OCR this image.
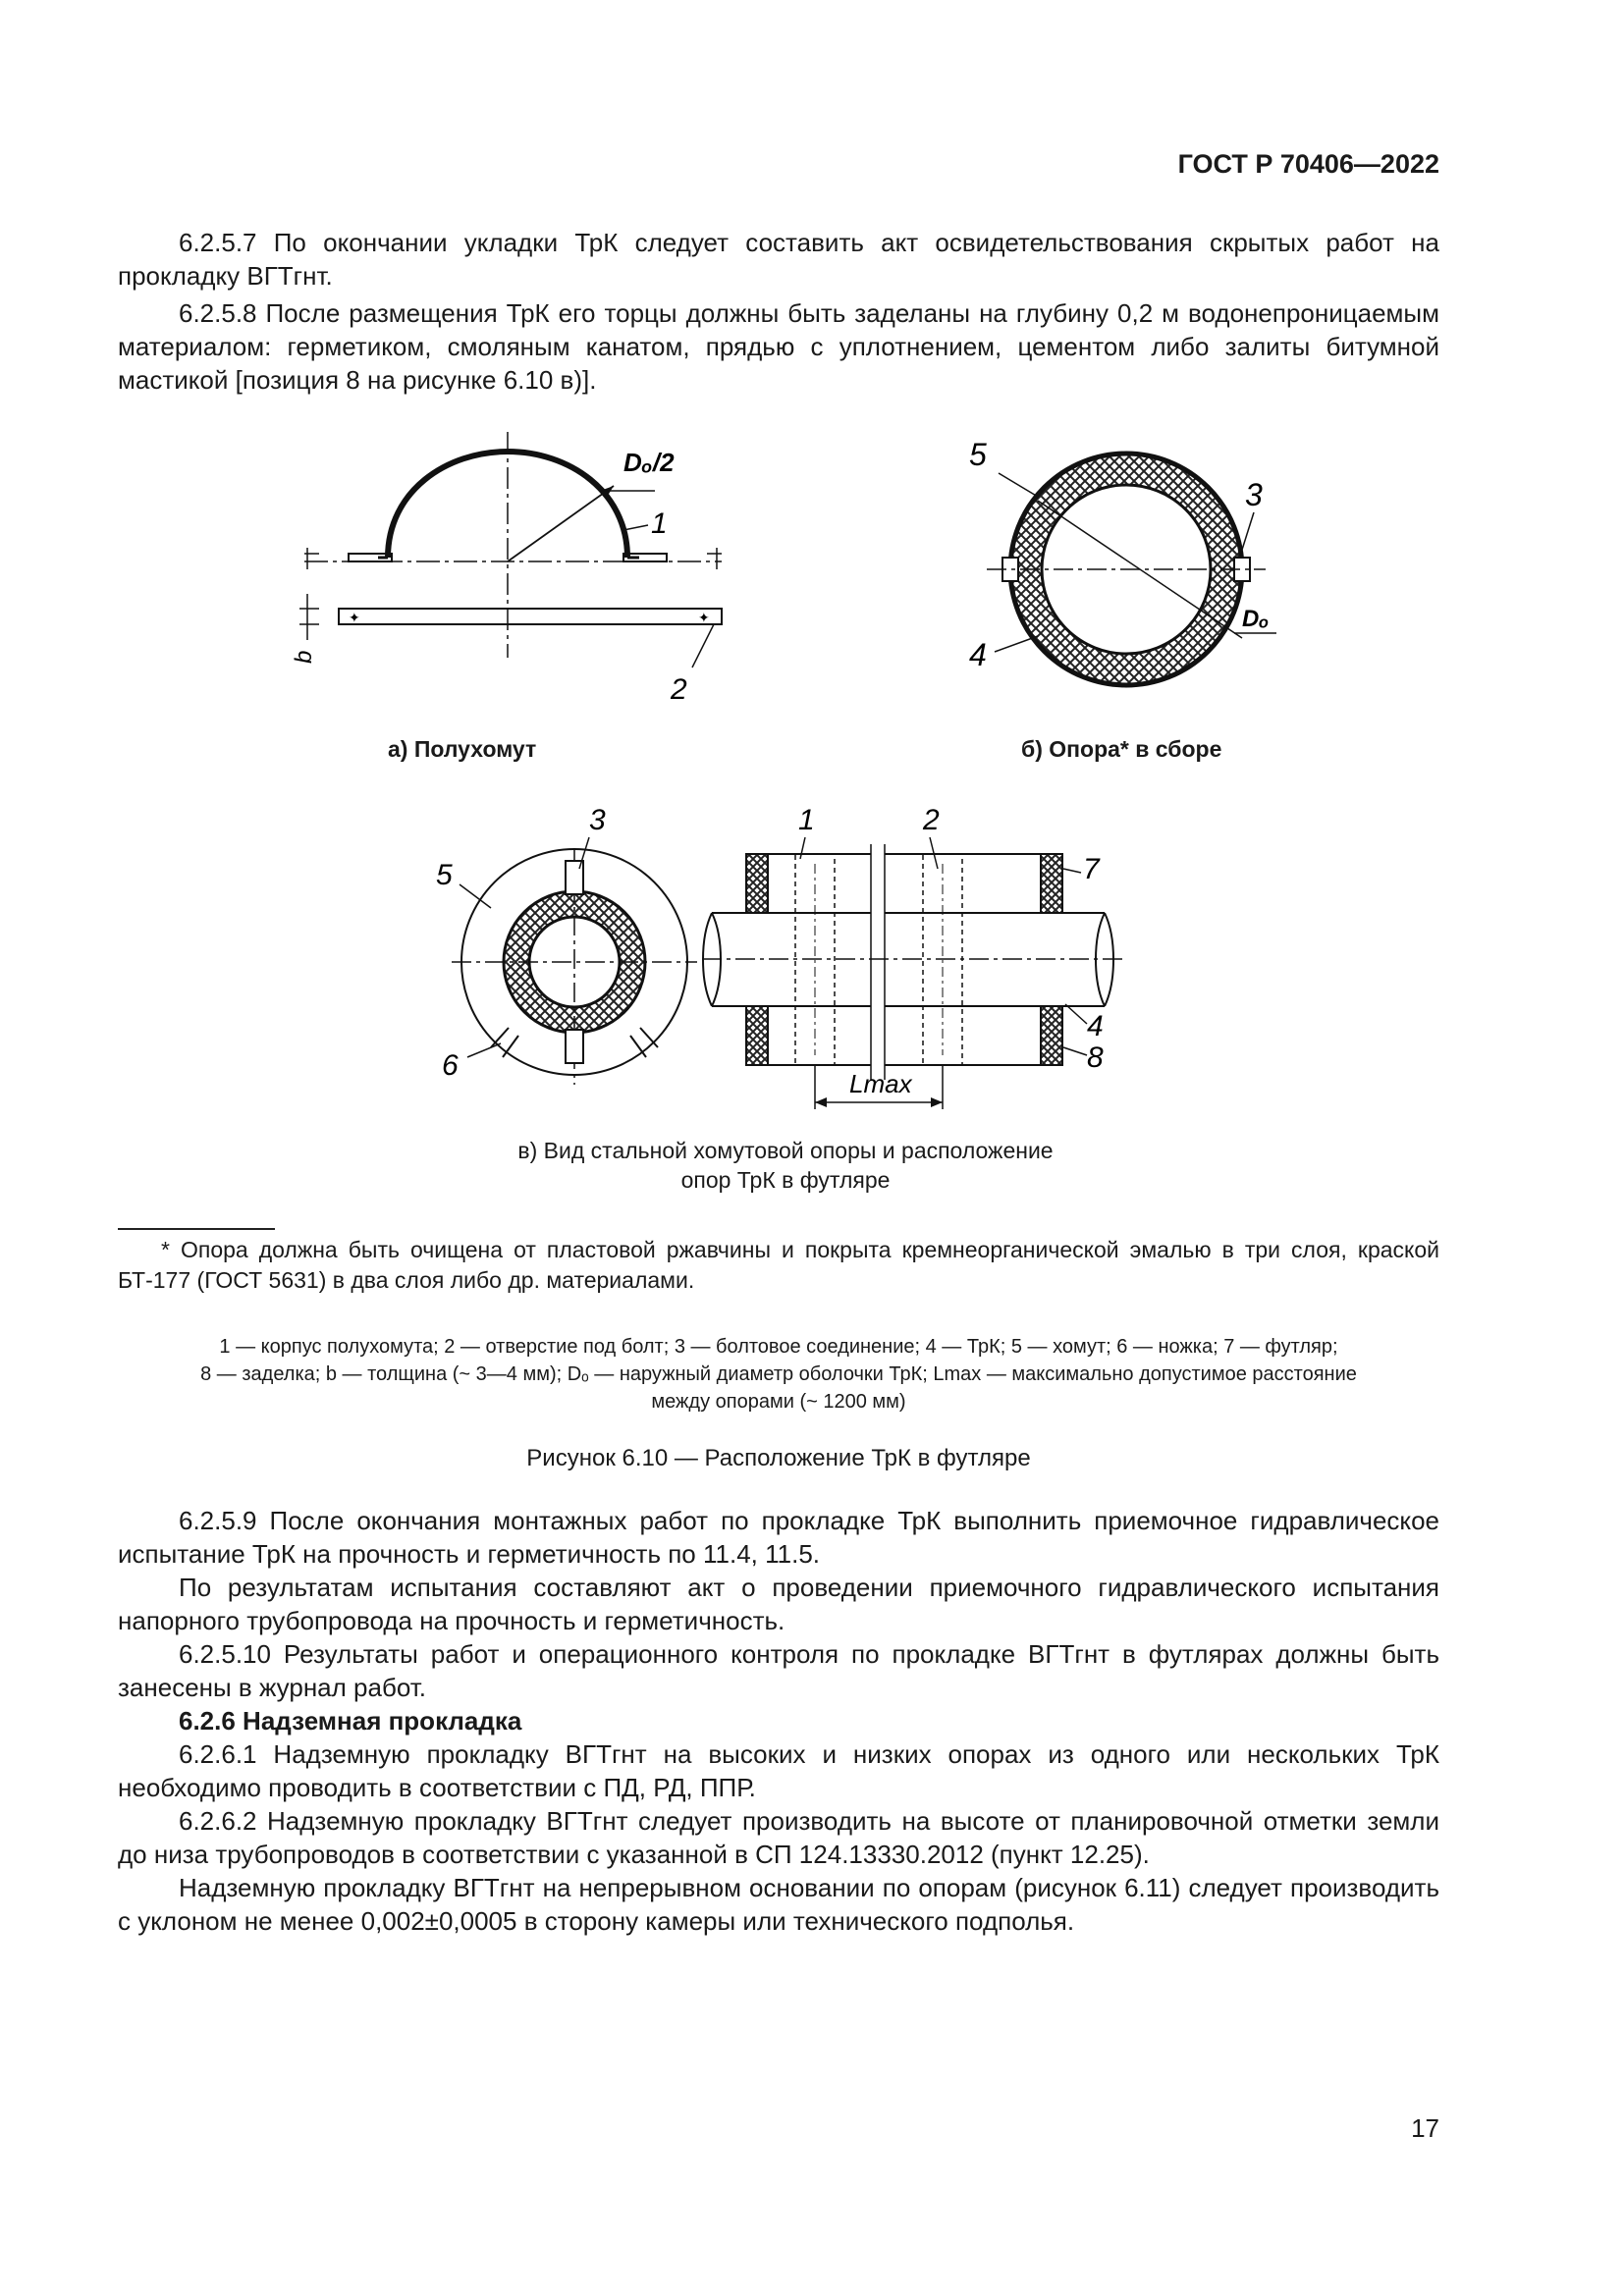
ГОСТ Р 70406—2022
6.2.5.7 По окончании укладки ТрК следует составить акт освидетельствования скрытых работ на прокладку ВГТгнт.
6.2.5.8 После размещения ТрК его торцы должны быть заделаны на глубину 0,2 м водонепроницаемым материалом: герметиком, смоляным канатом, прядью с уплотнением, цементом либо залиты битумной мастикой [позиция 8 на рисунке 6.10 в)].
Dₒ/2
1
✦	✦
b
2
Dₒ
5
3
4
а) Полухомут	б) Опора* в сборе
3
5
6
Lmax
1	2
7
4
8
в) Вид стальной хомутовой опоры и расположение
опор ТрК в футляре
* Опора должна быть очищена от пластовой ржавчины и покрыта кремнеорганической эмалью в три слоя, краской БТ-177 (ГОСТ 5631) в два слоя либо др. материалами.
1 — корпус полухомута; 2 — отверстие под болт; 3 — болтовое соединение; 4 — ТрК; 5 — хомут; 6 — ножка; 7 — футляр;
8 — заделка; b — толщина (~ 3—4 мм); Dₒ — наружный диаметр оболочки ТрК; Lmax — максимально допустимое расстояние
между опорами (~ 1200 мм)
Рисунок 6.10 — Расположение ТрК в футляре
6.2.5.9 После окончания монтажных работ по прокладке ТрК выполнить приемочное гидравлическое испытание ТрК на прочность и герметичность по 11.4, 11.5.
По результатам испытания составляют акт о проведении приемочного гидравлического испытания напорного трубопровода на прочность и герметичность.
6.2.5.10 Результаты работ и операционного контроля по прокладке ВГТгнт в футлярах должны быть занесены в журнал работ.
6.2.6 Надземная прокладка
6.2.6.1 Надземную прокладку ВГТгнт на высоких и низких опорах из одного или нескольких ТрК необходимо проводить в соответствии с ПД, РД, ППР.
6.2.6.2 Надземную прокладку ВГТгнт следует производить на высоте от планировочной отметки земли до низа трубопроводов в соответствии с указанной в СП 124.13330.2012 (пункт 12.25).
Надземную прокладку ВГТгнт на непрерывном основании по опорам (рисунок 6.11) следует производить с уклоном не менее 0,002±0,0005 в сторону камеры или технического подполья.
17
